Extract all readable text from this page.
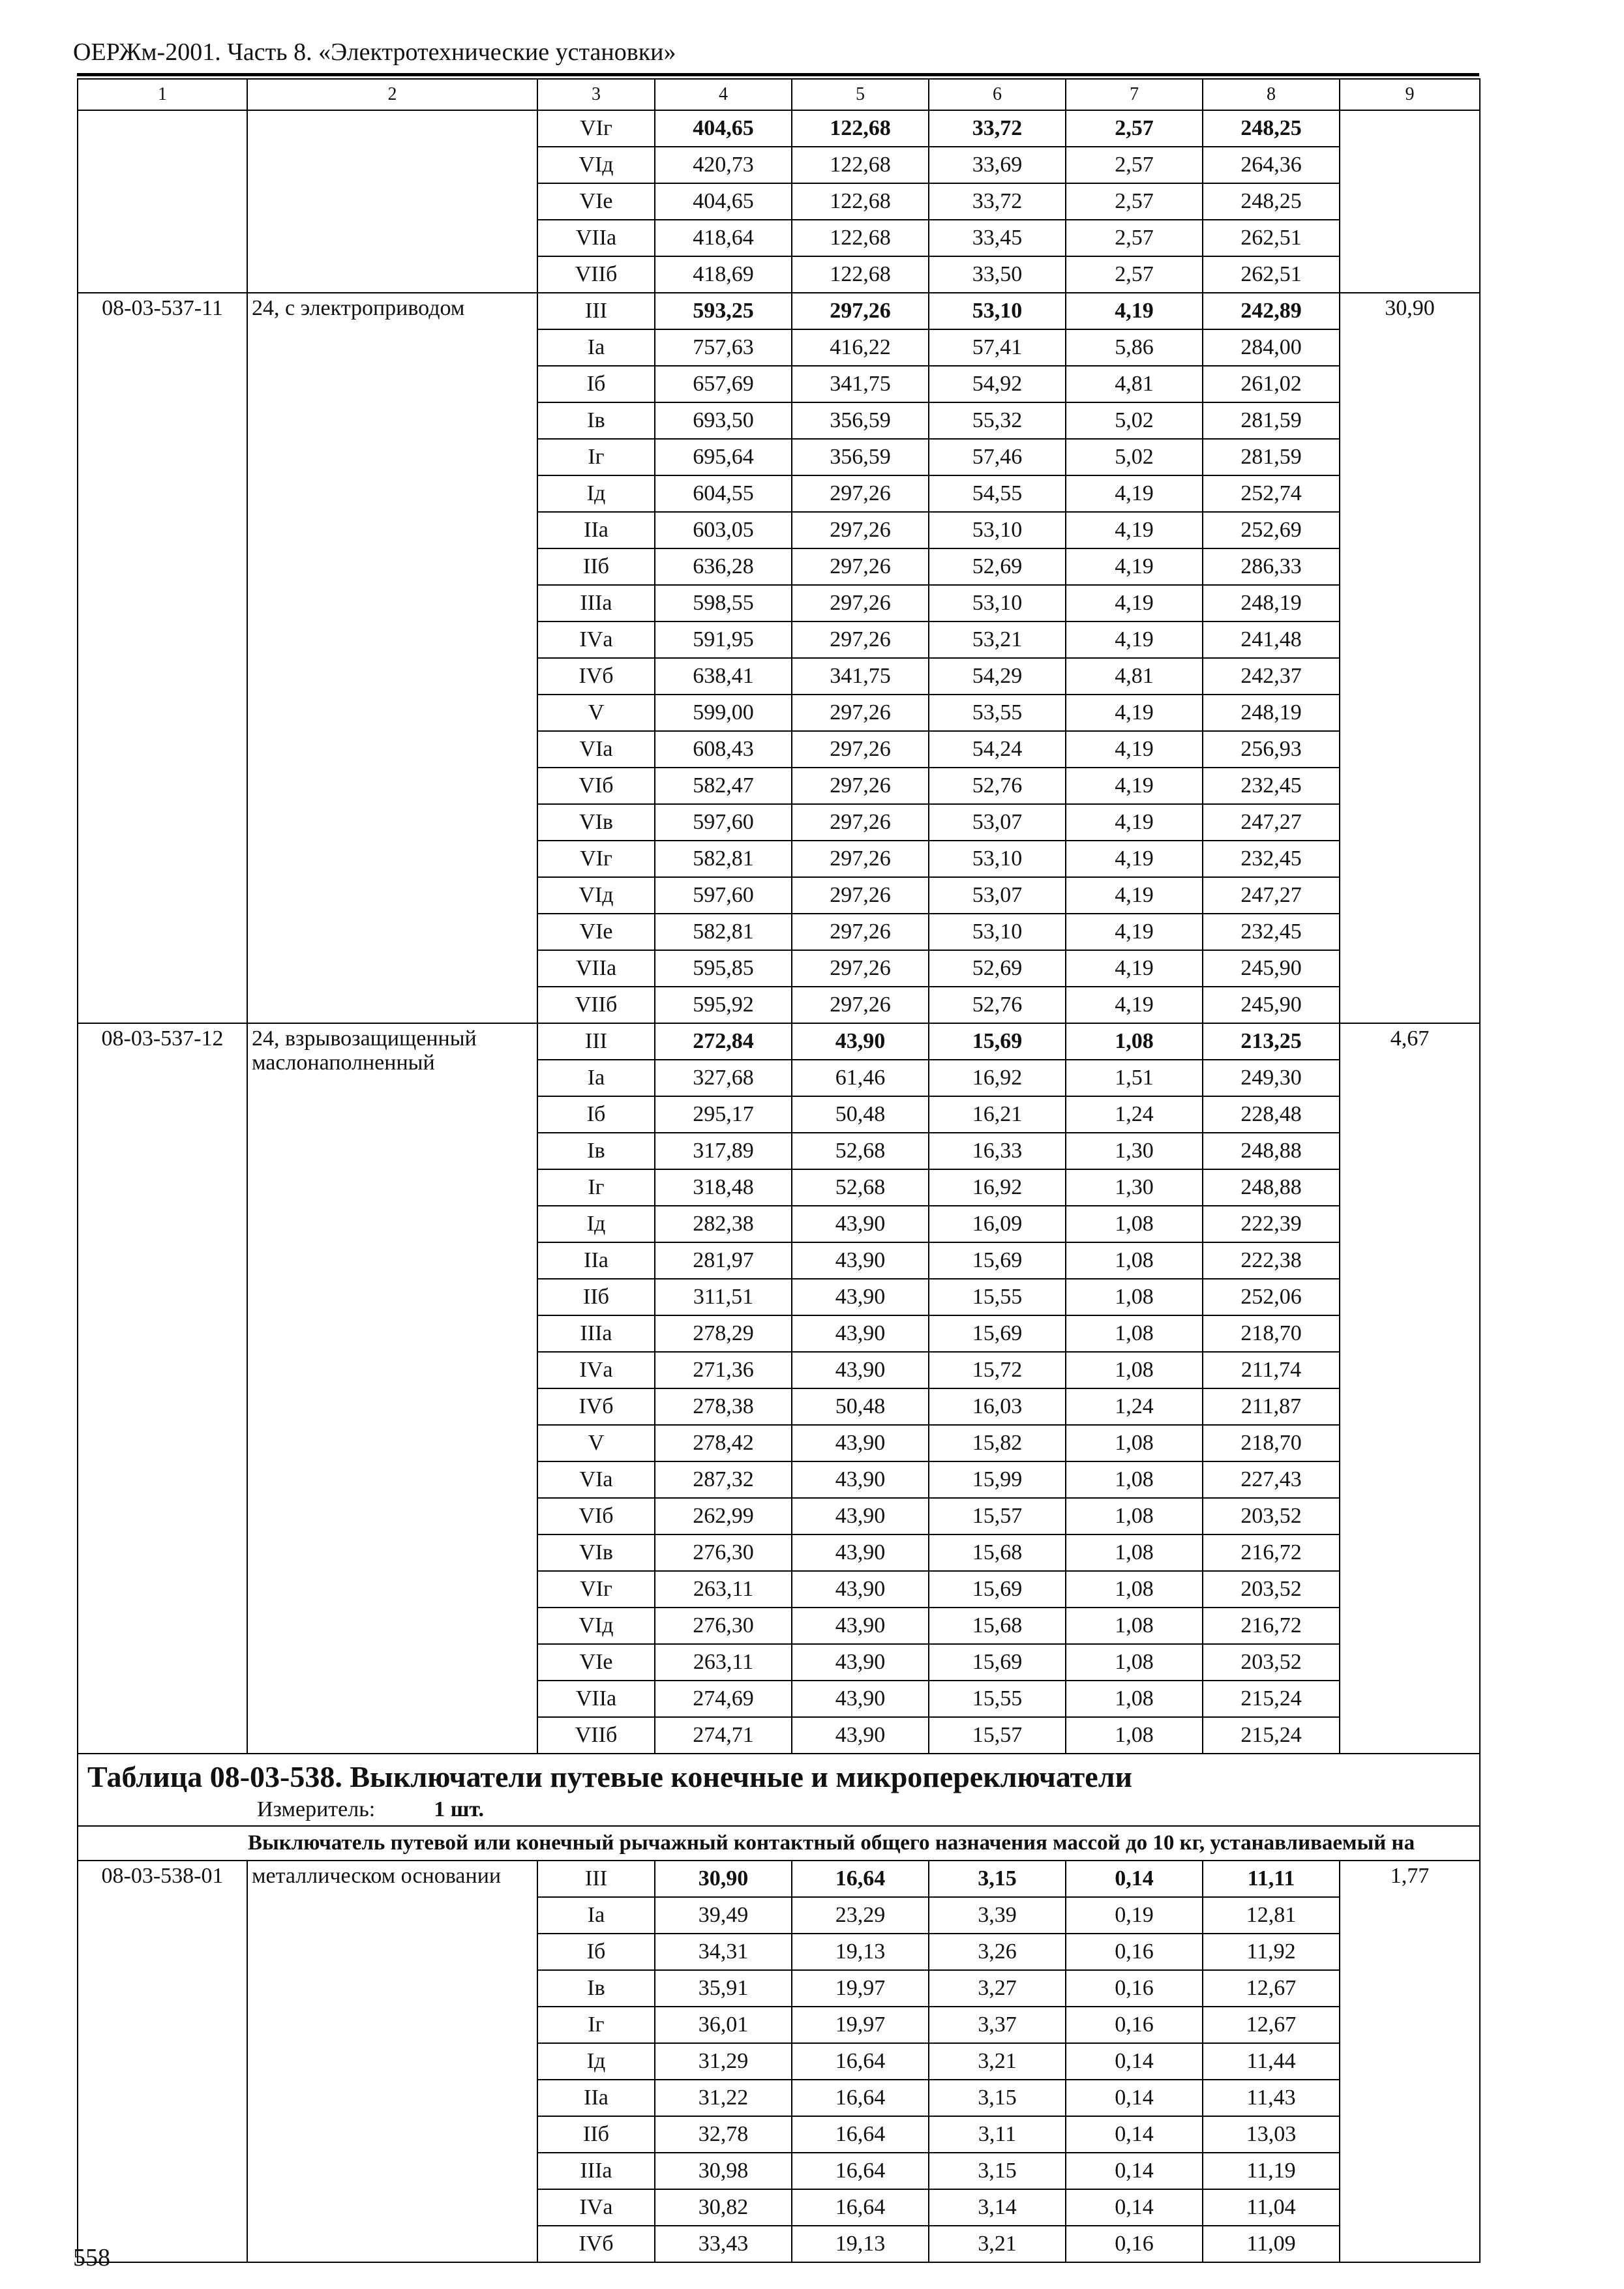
ОЕРЖм-2001. Часть 8. «Электротехнические установки»
1	2	3	4	5	6	7	8	9
		VIг	404,65	122,68	33,72	2,57	248,25	
		VIд	420,73	122,68	33,69	2,57	264,36	
		VIе	404,65	122,68	33,72	2,57	248,25	
		VIIа	418,64	122,68	33,45	2,57	262,51	
		VIIб	418,69	122,68	33,50	2,57	262,51	
08-03-537-11	24, с электроприводом	III	593,25	297,26	53,10	4,19	242,89	30,90
		Iа	757,63	416,22	57,41	5,86	284,00	
		Iб	657,69	341,75	54,92	4,81	261,02	
		Iв	693,50	356,59	55,32	5,02	281,59	
		Iг	695,64	356,59	57,46	5,02	281,59	
		Iд	604,55	297,26	54,55	4,19	252,74	
		IIа	603,05	297,26	53,10	4,19	252,69	
		IIб	636,28	297,26	52,69	4,19	286,33	
		IIIа	598,55	297,26	53,10	4,19	248,19	
		IVа	591,95	297,26	53,21	4,19	241,48	
		IVб	638,41	341,75	54,29	4,81	242,37	
		V	599,00	297,26	53,55	4,19	248,19	
		VIа	608,43	297,26	54,24	4,19	256,93	
		VIб	582,47	297,26	52,76	4,19	232,45	
		VIв	597,60	297,26	53,07	4,19	247,27	
		VIг	582,81	297,26	53,10	4,19	232,45	
		VIд	597,60	297,26	53,07	4,19	247,27	
		VIе	582,81	297,26	53,10	4,19	232,45	
		VIIа	595,85	297,26	52,69	4,19	245,90	
		VIIб	595,92	297,26	52,76	4,19	245,90	
08-03-537-12	24, взрывозащищенный маслонаполненный	III	272,84	43,90	15,69	1,08	213,25	4,67
		Iа	327,68	61,46	16,92	1,51	249,30	
		Iб	295,17	50,48	16,21	1,24	228,48	
		Iв	317,89	52,68	16,33	1,30	248,88	
		Iг	318,48	52,68	16,92	1,30	248,88	
		Iд	282,38	43,90	16,09	1,08	222,39	
		IIа	281,97	43,90	15,69	1,08	222,38	
		IIб	311,51	43,90	15,55	1,08	252,06	
		IIIа	278,29	43,90	15,69	1,08	218,70	
		IVа	271,36	43,90	15,72	1,08	211,74	
		IVб	278,38	50,48	16,03	1,24	211,87	
		V	278,42	43,90	15,82	1,08	218,70	
		VIа	287,32	43,90	15,99	1,08	227,43	
		VIб	262,99	43,90	15,57	1,08	203,52	
		VIв	276,30	43,90	15,68	1,08	216,72	
		VIг	263,11	43,90	15,69	1,08	203,52	
		VIд	276,30	43,90	15,68	1,08	216,72	
		VIе	263,11	43,90	15,69	1,08	203,52	
		VIIа	274,69	43,90	15,55	1,08	215,24	
		VIIб	274,71	43,90	15,57	1,08	215,24	

Таблица 08-03-538. Выключатели путевые конечные и микропереключатели
Измеритель: 1 шт.								

Выключатель путевой или конечный рычажный контактный общего назначения массой до 10 кг, устанавливаемый на								
08-03-538-01	металлическом основании	III	30,90	16,64	3,15	0,14	11,11	1,77
		Iа	39,49	23,29	3,39	0,19	12,81	
		Iб	34,31	19,13	3,26	0,16	11,92	
		Iв	35,91	19,97	3,27	0,16	12,67	
		Iг	36,01	19,97	3,37	0,16	12,67	
		Iд	31,29	16,64	3,21	0,14	11,44	
		IIа	31,22	16,64	3,15	0,14	11,43	
		IIб	32,78	16,64	3,11	0,14	13,03	
		IIIа	30,98	16,64	3,15	0,14	11,19	
		IVа	30,82	16,64	3,14	0,14	11,04	
		IVб	33,43	19,13	3,21	0,16	11,09	
558
